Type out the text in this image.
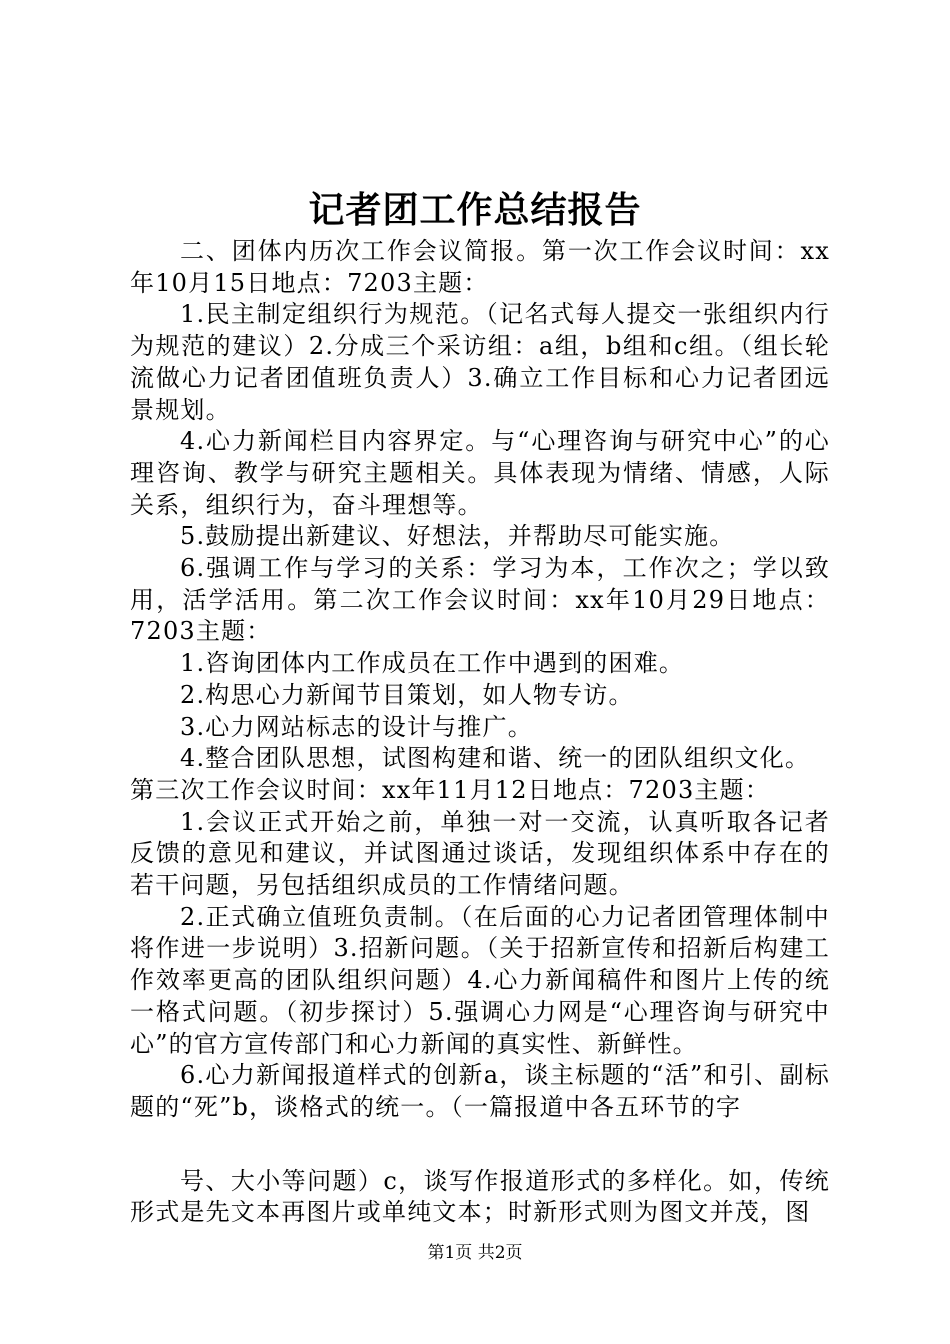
记者团工作总结报告

二、团体内历次工作会议简报。第一次工作会议时间：xx年10月15日地点：7203主题：

1.民主制定组织行为规范。（记名式每人提交一张组织内行为规范的建议）2.分成三个采访组：a组，b组和c组。（组长轮流做心力记者团值班负责人）3.确立工作目标和心力记者团远景规划。

4.心力新闻栏目内容界定。与“心理咨询与研究中心”的心理咨询、教学与研究主题相关。具体表现为情绪、情感，人际关系，组织行为，奋斗理想等。

5.鼓励提出新建议、好想法，并帮助尽可能实施。

6.强调工作与学习的关系：学习为本，工作次之；学以致用，活学活用。第二次工作会议时间：xx年10月29日地点：7203主题：

1.咨询团体内工作成员在工作中遇到的困难。

2.构思心力新闻节目策划，如人物专访。

3.心力网站标志的设计与推广。

4.整合团队思想，试图构建和谐、统一的团队组织文化。

第三次工作会议时间：xx年11月12日地点：7203主题：

1.会议正式开始之前，单独一对一交流，认真听取各记者反馈的意见和建议，并试图通过谈话，发现组织体系中存在的若干问题，另包括组织成员的工作情绪问题。

2.正式确立值班负责制。（在后面的心力记者团管理体制中将作进一步说明）3.招新问题。（关于招新宣传和招新后构建工作效率更高的团队组织问题）4.心力新闻稿件和图片上传的统一格式问题。（初步探讨）5.强调心力网是“心理咨询与研究中心”的官方宣传部门和心力新闻的真实性、新鲜性。

6.心力新闻报道样式的创新a，谈主标题的“活”和引、副标题的“死”b，谈格式的统一。（一篇报道中各五环节的字

号、大小等问题）c，谈写作报道形式的多样化。如，传统形式是先文本再图片或单纯文本；时新形式则为图文并茂，图

第1页 共2页
